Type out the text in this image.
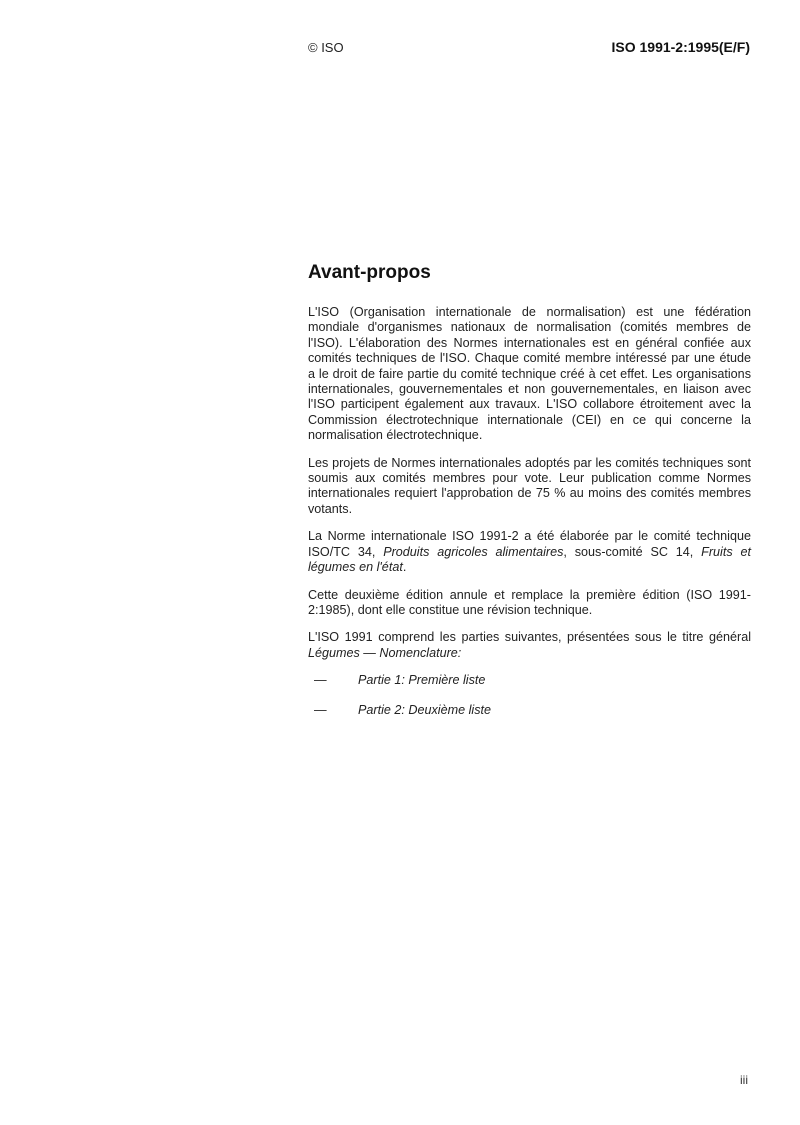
© ISO	ISO 1991-2:1995(E/F)
Avant-propos

L'ISO (Organisation internationale de normalisation) est une fédération mondiale d'organismes nationaux de normalisation (comités membres de l'ISO). L'élaboration des Normes internationales est en général confiée aux comités techniques de l'ISO. Chaque comité membre intéressé par une étude a le droit de faire partie du comité technique créé à cet effet. Les organisations internationales, gouvernementales et non gouvernementales, en liaison avec l'ISO participent également aux travaux. L'ISO collabore étroitement avec la Commission électrotechnique internationale (CEI) en ce qui concerne la normalisation électrotechnique.

Les projets de Normes internationales adoptés par les comités techniques sont soumis aux comités membres pour vote. Leur publication comme Normes internationales requiert l'approbation de 75 % au moins des comités membres votants.

La Norme internationale ISO 1991-2 a été élaborée par le comité technique ISO/TC 34, Produits agricoles alimentaires, sous-comité SC 14, Fruits et légumes en l'état.

Cette deuxième édition annule et remplace la première édition (ISO 1991-2:1985), dont elle constitue une révision technique.

L'ISO 1991 comprend les parties suivantes, présentées sous le titre général Légumes — Nomenclature:

—	Partie 1: Première liste
—	Partie 2: Deuxième liste
iii
